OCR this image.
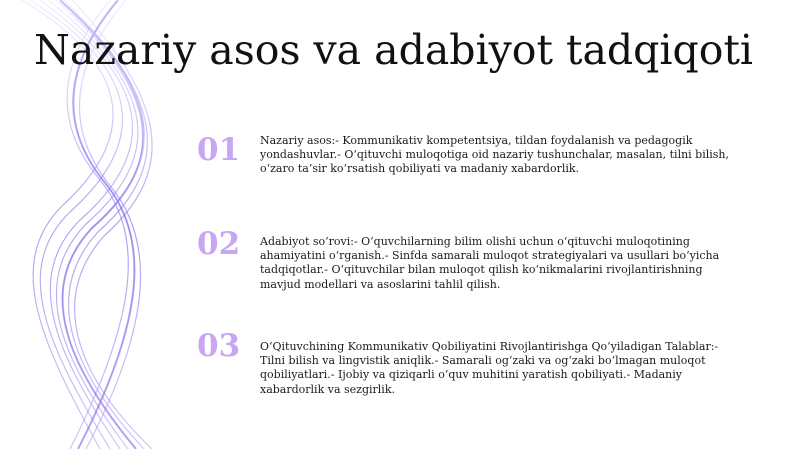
Nazariy asos va adabiyot tadqiqoti
01	Nazariy asos:- Kommunikativ kompetentsiya, tildan foydalanish va pedagogik yondashuvlar.- O‘qituvchi muloqotiga oid nazariy tushunchalar, masalan, tilni bilish, o‘zaro ta’sir ko‘rsatish qobiliyati va madaniy xabardorlik.
02	Adabiyot so‘rovi:- O‘quvchilarning bilim olishi uchun o‘qituvchi muloqotining ahamiyatini o‘rganish.- Sinfda samarali muloqot strategiyalari va usullari bo‘yicha tadqiqotlar.- O‘qituvchilar bilan muloqot qilish ko‘nikmalarini rivojlantirishning mavjud modellari va asoslarini tahlil qilish.
03	O‘Qituvchining Kommunikativ Qobiliyatini Rivojlantirishga Qo‘yiladigan Talablar:- Tilni bilish va lingvistik aniqlik.- Samarali og‘zaki va og‘zaki bo‘lmagan muloqot qobiliyatlari.- Ijobiy va qiziqarli o‘quv muhitini yaratish qobiliyati.- Madaniy xabardorlik va sezgirlik.
